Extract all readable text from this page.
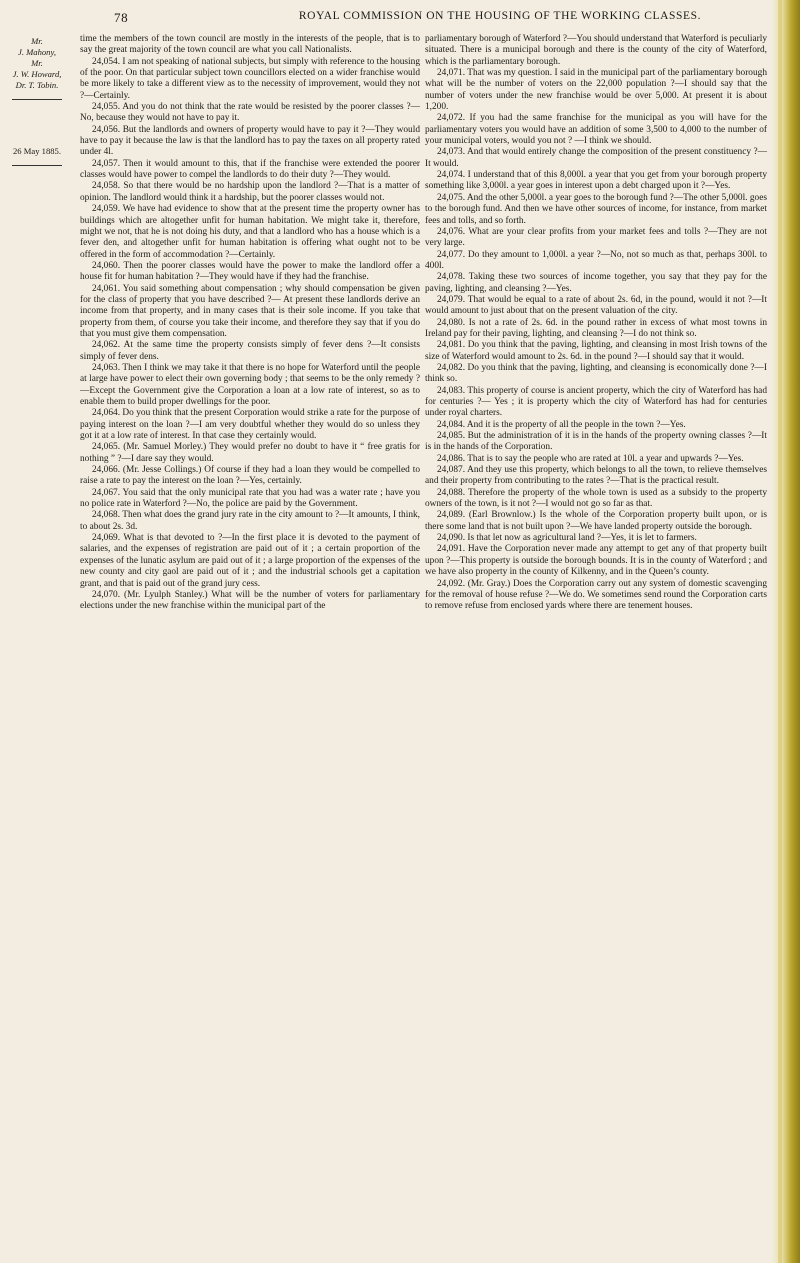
78	ROYAL COMMISSION ON THE HOUSING OF THE WORKING CLASSES.
Mr.
J. Mahony,
Mr.
J. W. Howard,
Dr. T. Tobin.
26 May 1885.

time the members of the town council are mostly in the interests of the people, that is to say the great majority of the town council are what you call Nationalists.

24,054. I am not speaking of national subjects, but simply with reference to the housing of the poor. On that particular subject town councillors elected on a wider franchise would be more likely to take a different view as to the necessity of improvement, would they not ?—Certainly.

24,055. And you do not think that the rate would be resisted by the poorer classes ?—No, because they would not have to pay it.

24,056. But the landlords and owners of property would have to pay it ?—They would have to pay it because the law is that the landlord has to pay the taxes on all property rated under 4l.

24,057. Then it would amount to this, that if the franchise were extended the poorer classes would have power to compel the landlords to do their duty ?—They would.

24,058. So that there would be no hardship upon the landlord ?—That is a matter of opinion. The landlord would think it a hardship, but the poorer classes would not.

24,059. We have had evidence to show that at the present time the property owner has buildings which are altogether unfit for human habitation. We might take it, therefore, might we not, that he is not doing his duty, and that a landlord who has a house which is a fever den, and altogether unfit for human habitation is offering what ought not to be offered in the form of accommodation ?—Certainly.

24,060. Then the poorer classes would have the power to make the landlord offer a house fit for human habitation ?—They would have if they had the franchise.

24,061. You said something about compensation ; why should compensation be given for the class of property that you have described ?— At present these landlords derive an income from that property, and in many cases that is their sole income. If you take that property from them, of course you take their income, and therefore they say that if you do that you must give them compensation.

24,062. At the same time the property consists simply of fever dens ?—It consists simply of fever dens.

24,063. Then I think we may take it that there is no hope for Waterford until the people at large have power to elect their own governing body ; that seems to be the only remedy ?—Except the Government give the Corporation a loan at a low rate of interest, so as to enable them to build proper dwellings for the poor.

24,064. Do you think that the present Corporation would strike a rate for the purpose of paying interest on the loan ?—I am very doubtful whether they would do so unless they got it at a low rate of interest. In that case they certainly would.

24,065. (Mr. Samuel Morley.) They would prefer no doubt to have it “ free gratis for nothing ” ?—I dare say they would.

24,066. (Mr. Jesse Collings.) Of course if they had a loan they would be compelled to raise a rate to pay the interest on the loan ?—Yes, certainly.

24,067. You said that the only municipal rate that you had was a water rate ; have you no police rate in Waterford ?—No, the police are paid by the Government.

24,068. Then what does the grand jury rate in the city amount to ?—It amounts, I think, to about 2s. 3d.

24,069. What is that devoted to ?—In the first place it is devoted to the payment of salaries, and the expenses of registration are paid out of it ; a certain proportion of the expenses of the lunatic asylum are paid out of it ; a large proportion of the expenses of the new county and city gaol are paid out of it ; and the industrial schools get a capitation grant, and that is paid out of the grand jury cess.

24,070. (Mr. Lyulph Stanley.) What will be the number of voters for parliamentary elections under the new franchise within the municipal part of the

parliamentary borough of Waterford ?—You should understand that Waterford is peculiarly situated. There is a municipal borough and there is the county of the city of Waterford, which is the parliamentary borough.

24,071. That was my question. I said in the municipal part of the parliamentary borough what will be the number of voters on the 22,000 population ?—I should say that the number of voters under the new franchise would be over 5,000. At present it is about 1,200.

24,072. If you had the same franchise for the municipal as you will have for the parliamentary voters you would have an addition of some 3,500 to 4,000 to the number of your municipal voters, would you not ? —I think we should.

24,073. And that would entirely change the composition of the present constituency ?—It would.

24,074. I understand that of this 8,000l. a year that you get from your borough property something like 3,000l. a year goes in interest upon a debt charged upon it ?—Yes.

24,075. And the other 5,000l. a year goes to the borough fund ?—The other 5,000l. goes to the borough fund. And then we have other sources of income, for instance, from market fees and tolls, and so forth.

24,076. What are your clear profits from your market fees and tolls ?—They are not very large.

24,077. Do they amount to 1,000l. a year ?—No, not so much as that, perhaps 300l. to 400l.

24,078. Taking these two sources of income together, you say that they pay for the paving, lighting, and cleansing ?—Yes.

24,079. That would be equal to a rate of about 2s. 6d, in the pound, would it not ?—It would amount to just about that on the present valuation of the city.

24,080. Is not a rate of 2s. 6d. in the pound rather in excess of what most towns in Ireland pay for their paving, lighting, and cleansing ?—I do not think so.

24,081. Do you think that the paving, lighting, and cleansing in most Irish towns of the size of Waterford would amount to 2s. 6d. in the pound ?—I should say that it would.

24,082. Do you think that the paving, lighting, and cleansing is economically done ?—I think so.

24,083. This property of course is ancient property, which the city of Waterford has had for centuries ?— Yes ; it is property which the city of Waterford has had for centuries under royal charters.

24,084. And it is the property of all the people in the town ?—Yes.

24,085. But the administration of it is in the hands of the property owning classes ?—It is in the hands of the Corporation.

24,086. That is to say the people who are rated at 10l. a year and upwards ?—Yes.

24,087. And they use this property, which belongs to all the town, to relieve themselves and their property from contributing to the rates ?—That is the practical result.

24,088. Therefore the property of the whole town is used as a subsidy to the property owners of the town, is it not ?—I would not go so far as that.

24,089. (Earl Brownlow.) Is the whole of the Corporation property built upon, or is there some land that is not built upon ?—We have landed property outside the borough.

24,090. Is that let now as agricultural land ?—Yes, it is let to farmers.

24,091. Have the Corporation never made any attempt to get any of that property built upon ?—This property is outside the borough bounds. It is in the county of Waterford ; and we have also property in the county of Kilkenny, and in the Queen’s county.

24,092. (Mr. Gray.) Does the Corporation carry out any system of domestic scavenging for the removal of house refuse ?—We do. We sometimes send round the Corporation carts to remove refuse from enclosed yards where there are tenement houses.
